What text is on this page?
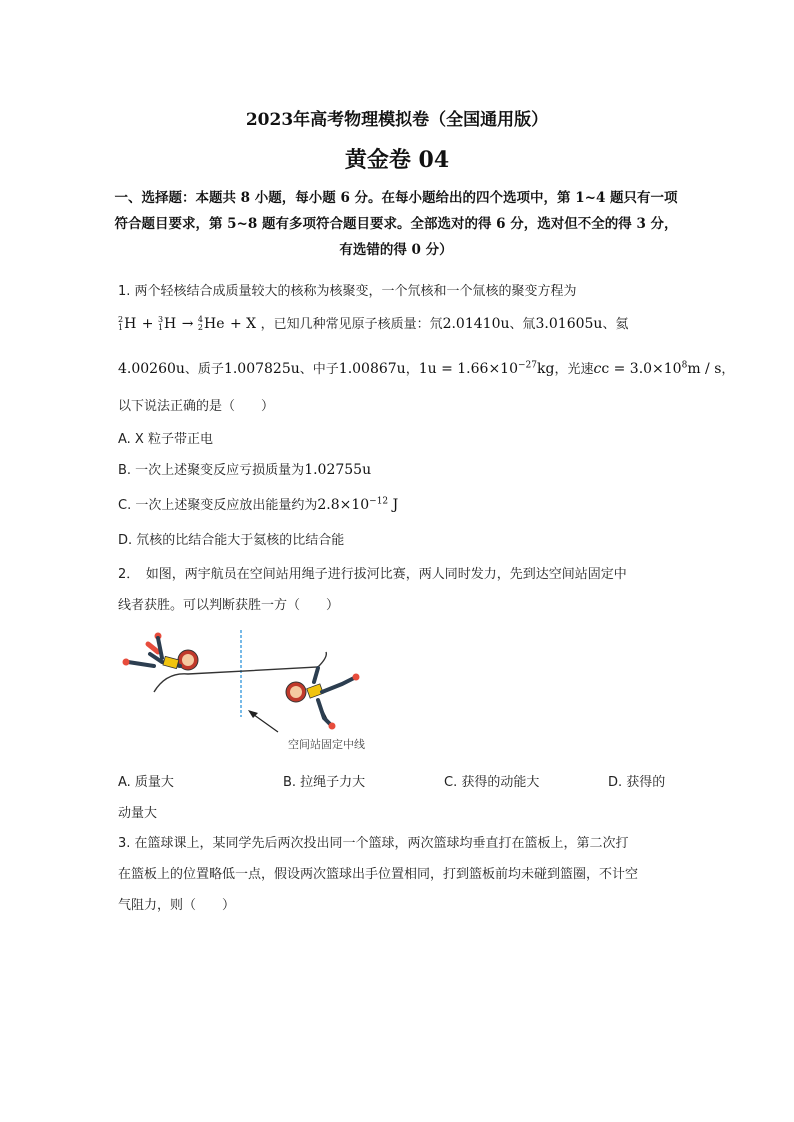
2023年高考物理模拟卷（全国通用版）
黄金卷 04
一、选择题：本题共 8 小题，每小题 6 分。在每小题给出的四个选项中，第 1~4 题只有一项符合题目要求，第 5~8 题有多项符合题目要求。全部选对的得 6 分，选对但不全的得 3 分，有选错的得 0 分）
1. 两个轻核结合成质量较大的核称为核聚变，一个氘核和一个氚核的聚变方程为
2
1 H + 3
1 H → 4
2 He + X ，已知几种常见原子核质量：氘2.01410u、氚3.01605u、氦
4.00260u、质子1.007825u、中子1.00867u，$1u = 1.66\times 10^{-27}kg$，光速cc = $3.0\times 10^8m / s$，
以下说法正确的是（　　）
A. X 粒子带正电
B. 一次上述聚变反应亏损质量为1.02755u
C. 一次上述聚变反应放出能量约为$2.8\times 10^{-12}$ J
D. 氘核的比结合能大于氦核的比结合能
2．　如图，两宇航员在空间站用绳子进行拔河比赛，两人同时发力，先到达空间站固定中
线者获胜。可以判断获胜一方（　　）
空间站固定中线
A. 质量大	B. 拉绳子力大	C. 获得的动能大	D. 获得的
动量大
3. 在篮球课上，某同学先后两次投出同一个篮球，两次篮球均垂直打在篮板上，第二次打
在篮板上的位置略低一点，假设两次篮球出手位置相同，打到篮板前均未碰到篮圈，不计空
气阻力，则（　　）
